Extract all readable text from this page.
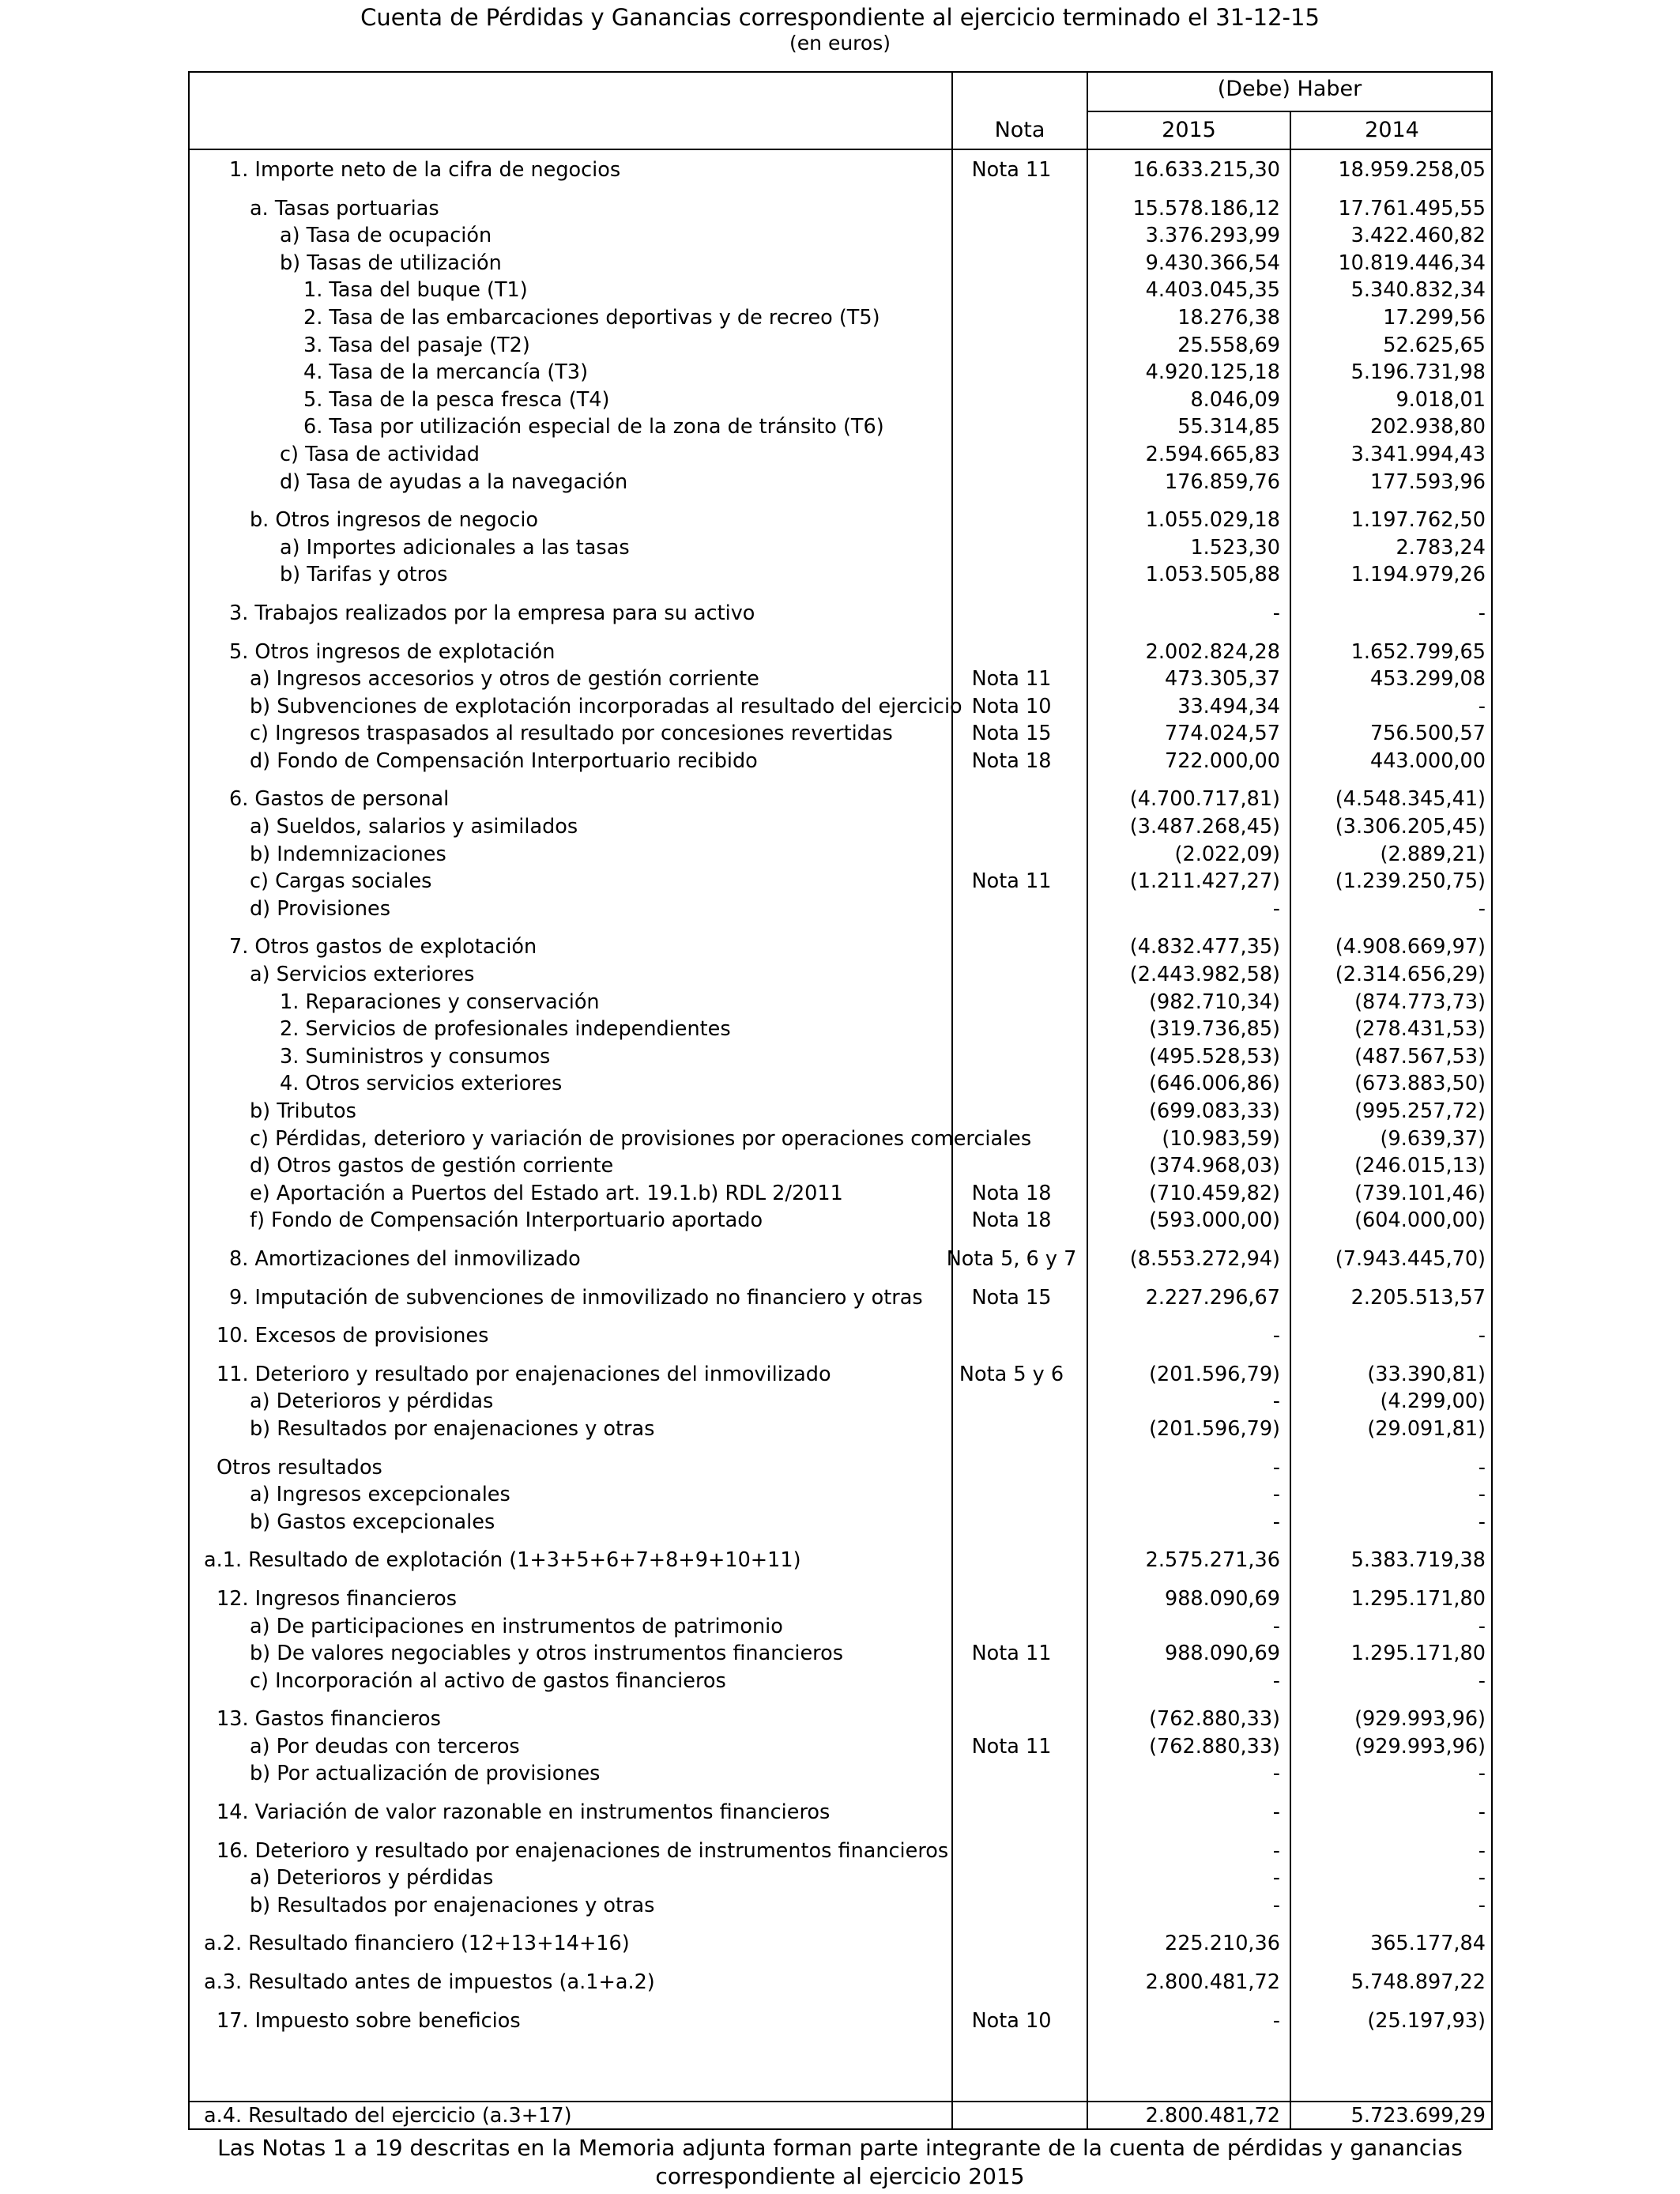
Cuenta de Pérdidas y Ganancias correspondiente al ejercicio terminado el 31-12-15
(en euros)
(Debe) Haber
Nota	2015	2014
1. Importe neto de la cifra de negocios	Nota 11	16.633.215,30	18.959.258,05
a. Tasas portuarias	15.578.186,12	17.761.495,55
a) Tasa de ocupación	3.376.293,99	3.422.460,82
b) Tasas de utilización	9.430.366,54	10.819.446,34
1. Tasa del buque (T1)	4.403.045,35	5.340.832,34
2. Tasa de las embarcaciones deportivas y de recreo (T5)	18.276,38	17.299,56
3. Tasa del pasaje (T2)	25.558,69	52.625,65
4. Tasa de la mercancía (T3)	4.920.125,18	5.196.731,98
5. Tasa de la pesca fresca (T4)	8.046,09	9.018,01
6. Tasa por utilización especial de la zona de tránsito (T6)	55.314,85	202.938,80
c) Tasa de actividad	2.594.665,83	3.341.994,43
d) Tasa de ayudas a la navegación	176.859,76	177.593,96
b. Otros ingresos de negocio	1.055.029,18	1.197.762,50
a) Importes adicionales a las tasas	1.523,30	2.783,24
b) Tarifas y otros	1.053.505,88	1.194.979,26
3. Trabajos realizados por la empresa para su activo	-	-
5. Otros ingresos de explotación	2.002.824,28	1.652.799,65
a) Ingresos accesorios y otros de gestión corriente	Nota 11	473.305,37	453.299,08
b) Subvenciones de explotación incorporadas al resultado del ejercicio Nota 10	33.494,34	-
c) Ingresos traspasados al resultado por concesiones revertidas	Nota 15	774.024,57	756.500,57
d) Fondo de Compensación Interportuario recibido	Nota 18	722.000,00	443.000,00
6. Gastos de personal	(4.700.717,81)	(4.548.345,41)
a) Sueldos, salarios y asimilados	(3.487.268,45)	(3.306.205,45)
b) Indemnizaciones	(2.022,09)	(2.889,21)
c) Cargas sociales	Nota 11	(1.211.427,27)	(1.239.250,75)
d) Provisiones	-	-
7. Otros gastos de explotación	(4.832.477,35)	(4.908.669,97)
a) Servicios exteriores	(2.443.982,58)	(2.314.656,29)
1. Reparaciones y conservación	(982.710,34)	(874.773,73)
2. Servicios de profesionales independientes	(319.736,85)	(278.431,53)
3. Suministros y consumos	(495.528,53)	(487.567,53)
4. Otros servicios exteriores	(646.006,86)	(673.883,50)
b) Tributos	(699.083,33)	(995.257,72)
c) Pérdidas, deterioro y variación de provisiones por operaciones comerciales	(10.983,59)	(9.639,37)
d) Otros gastos de gestión corriente	(374.968,03)	(246.015,13)
e) Aportación a Puertos del Estado art. 19.1.b) RDL 2/2011	Nota 18	(710.459,82)	(739.101,46)
f) Fondo de Compensación Interportuario aportado	Nota 18	(593.000,00)	(604.000,00)
8. Amortizaciones del inmovilizado	Nota 5, 6 y 7	(8.553.272,94)	(7.943.445,70)
9. Imputación de subvenciones de inmovilizado no financiero y otras	Nota 15	2.227.296,67	2.205.513,57
10. Excesos de provisiones	-	-
11. Deterioro y resultado por enajenaciones del inmovilizado	Nota 5 y 6	(201.596,79)	(33.390,81)
a) Deterioros y pérdidas	-	(4.299,00)
b) Resultados por enajenaciones y otras	(201.596,79)	(29.091,81)
Otros resultados	-	-
a) Ingresos excepcionales	-	-
b) Gastos excepcionales	-	-
a.1. Resultado de explotación (1+3+5+6+7+8+9+10+11)	2.575.271,36	5.383.719,38
12. Ingresos financieros	988.090,69	1.295.171,80
a) De participaciones en instrumentos de patrimonio	-	-
b) De valores negociables y otros instrumentos financieros	Nota 11	988.090,69	1.295.171,80
c) Incorporación al activo de gastos financieros	-	-
13. Gastos financieros	(762.880,33)	(929.993,96)
a) Por deudas con terceros	Nota 11	(762.880,33)	(929.993,96)
b) Por actualización de provisiones	-	-
14. Variación de valor razonable en instrumentos financieros	-	-
16. Deterioro y resultado por enajenaciones de instrumentos financieros	-	-
a) Deterioros y pérdidas	-	-
b) Resultados por enajenaciones y otras	-	-
a.2. Resultado financiero (12+13+14+16)	225.210,36	365.177,84
a.3. Resultado antes de impuestos (a.1+a.2)	2.800.481,72	5.748.897,22
17. Impuesto sobre beneficios	Nota 10	-	(25.197,93)
a.4. Resultado del ejercicio (a.3+17)	2.800.481,72	5.723.699,29
Las Notas 1 a 19 descritas en la Memoria adjunta forman parte integrante de la cuenta de pérdidas y ganancias
correspondiente al ejercicio 2015
